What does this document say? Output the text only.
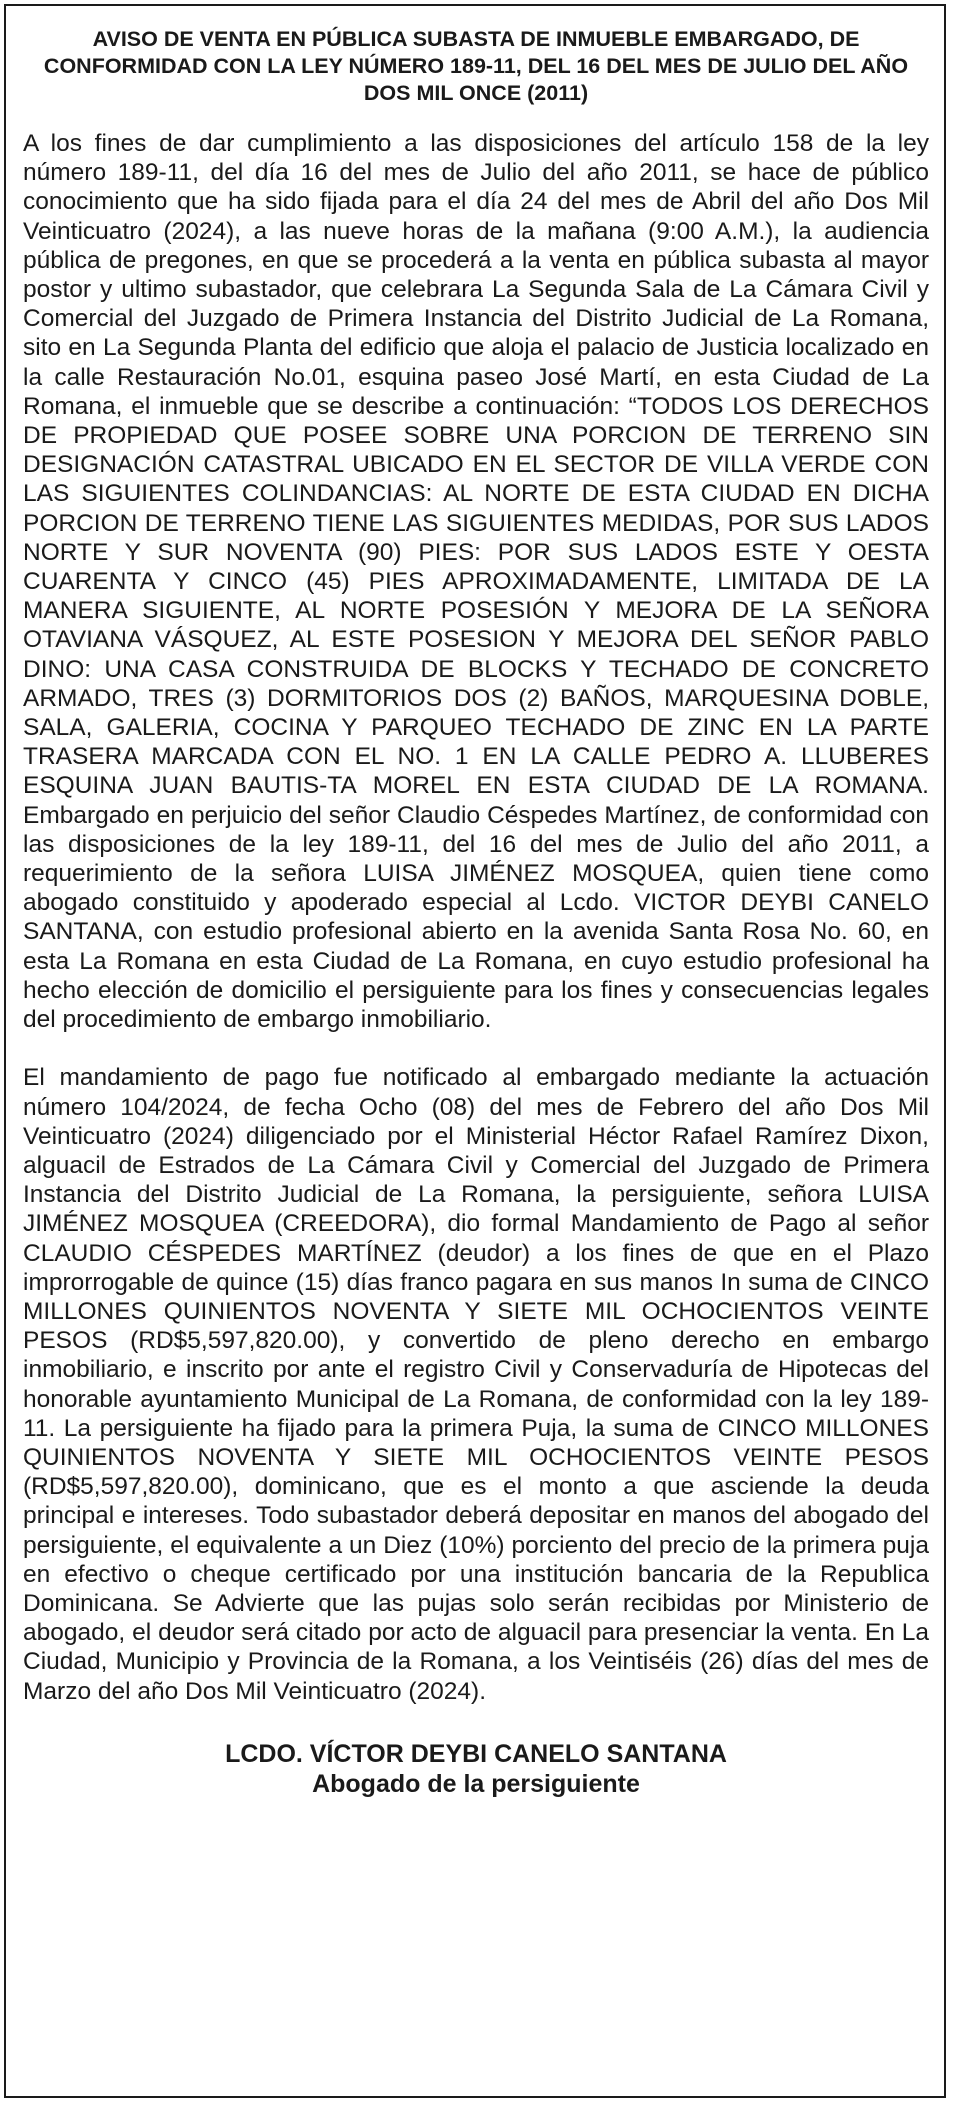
AVISO DE VENTA EN PÚBLICA SUBASTA DE INMUEBLE EMBARGADO, DE CONFORMIDAD CON LA LEY NÚMERO 189-11, DEL 16 DEL MES DE JULIO DEL AÑO DOS MIL ONCE (2011)

A los fines de dar cumplimiento a las disposiciones del artículo 158 de la ley número 189-11, del día 16 del mes de Julio del año 2011, se hace de público conocimiento que ha sido fijada para el día 24 del mes de Abril del año Dos Mil Veinticuatro (2024), a las nueve horas de la mañana (9:00 A.M.), la audiencia pública de pregones, en que se procederá a la venta en pública subasta al mayor postor y ultimo subastador, que celebrara La Segunda Sala de La Cámara Civil y Comercial del Juzgado de Primera Instancia del Distrito Judicial de La Romana, sito en La Segunda Planta del edificio que aloja el palacio de Justicia localizado en la calle Restauración No.01, esquina paseo José Martí, en esta Ciudad de La Romana, el inmueble que se describe a continuación: “TODOS LOS DERECHOS DE PROPIEDAD QUE POSEE SOBRE UNA PORCION DE TERRENO SIN DESIGNACIÓN CATASTRAL UBICADO EN EL SECTOR DE VILLA VERDE CON LAS SIGUIENTES COLINDANCIAS: AL NORTE DE ESTA CIUDAD EN DICHA PORCION DE TERRENO TIENE LAS SIGUIENTES MEDIDAS, POR SUS LADOS NORTE Y SUR NOVENTA (90) PIES: POR SUS LADOS ESTE Y OESTA CUARENTA Y CINCO (45) PIES APROXIMADAMENTE, LIMITADA DE LA MANERA SIGUIENTE, AL NORTE POSESIÓN Y MEJORA DE LA SEÑORA OTAVIANA VÁSQUEZ, AL ESTE POSESION Y MEJORA DEL SEÑOR PABLO DINO: UNA CASA CONSTRUIDA DE BLOCKS Y TECHADO DE CONCRETO ARMADO, TRES (3) DORMITORIOS DOS (2) BAÑOS, MARQUESINA DOBLE, SALA, GALERIA, COCINA Y PARQUEO TECHADO DE ZINC EN LA PARTE TRASERA MARCADA CON EL NO. 1 EN LA CALLE PEDRO A. LLUBERES ESQUINA JUAN BAUTIS-TA MOREL EN ESTA CIUDAD DE LA ROMANA. Embargado en perjuicio del señor Claudio Céspedes Martínez, de conformidad con las disposiciones de la ley 189-11, del 16 del mes de Julio del año 2011, a requerimiento de la señora LUISA JIMÉNEZ MOSQUEA, quien tiene como abogado constituido y apoderado especial al Lcdo. VICTOR DEYBI CANELO SANTANA, con estudio profesional abierto en la avenida Santa Rosa No. 60, en esta La Romana en esta Ciudad de La Romana, en cuyo estudio profesional ha hecho elección de domicilio el persiguiente para los fines y consecuencias legales del procedimiento de embargo inmobiliario.

El mandamiento de pago fue notificado al embargado mediante la actuación número 104/2024, de fecha Ocho (08) del mes de Febrero del año Dos Mil Veinticuatro (2024) diligenciado por el Ministerial Héctor Rafael Ramírez Dixon, alguacil de Estrados de La Cámara Civil y Comercial del Juzgado de Primera Instancia del Distrito Judicial de La Romana, la persiguiente, señora LUISA JIMÉNEZ MOSQUEA (CREEDORA), dio formal Mandamiento de Pago al señor CLAUDIO CÉSPEDES MARTÍNEZ (deudor) a los fines de que en el Plazo improrrogable de quince (15) días franco pagara en sus manos In suma de CINCO MILLONES QUINIENTOS NOVENTA Y SIETE MIL OCHOCIENTOS VEINTE PESOS (RD$5,597,820.00), y convertido de pleno derecho en embargo inmobiliario, e inscrito por ante el registro Civil y Conservaduría de Hipotecas del honorable ayuntamiento Municipal de La Romana, de conformidad con la ley 189- 11. La persiguiente ha fijado para la primera Puja, la suma de CINCO MILLONES QUINIENTOS NOVENTA Y SIETE MIL OCHOCIENTOS VEINTE PESOS (RD$5,597,820.00), dominicano, que es el monto a que asciende la deuda principal e intereses. Todo subastador deberá depositar en manos del abogado del persiguiente, el equivalente a un Diez (10%) porciento del precio de la primera puja en efectivo o cheque certificado por una institución bancaria de la Republica Dominicana. Se Advierte que las pujas solo serán recibidas por Ministerio de abogado, el deudor será citado por acto de alguacil para presenciar la venta. En La Ciudad, Municipio y Provincia de la Romana, a los Veintiséis (26) días del mes de Marzo del año Dos Mil Veinticuatro (2024).

LCDO. VÍCTOR DEYBI CANELO SANTANA
Abogado de la persiguiente
